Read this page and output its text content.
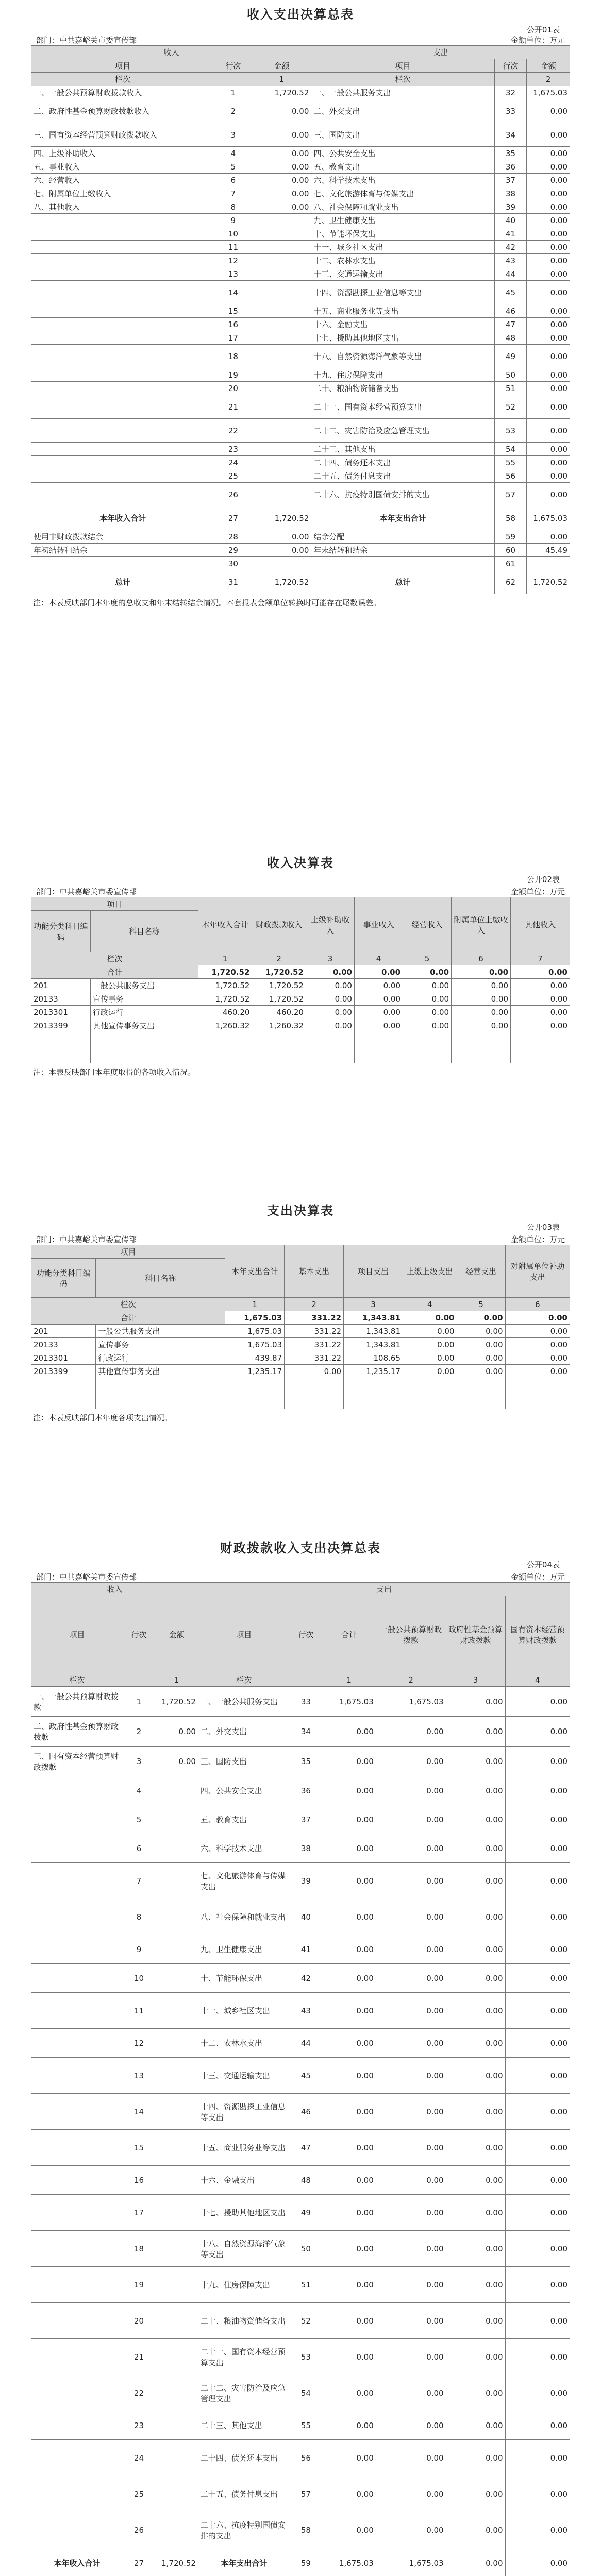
收入支出决算总表
公开01表
部门：中共嘉峪关市委宣传部	金额单位：万元
收入			支出		
项目	行次	金额	项目	行次	金额
栏次		1	栏次		2
一、一般公共预算财政拨款收入	1	1,720.52	一、一般公共服务支出	32	1,675.03
二、政府性基金预算财政拨款收入	2	0.00	二、外交支出	33	0.00
三、国有资本经营预算财政拨款收入	3	0.00	三、国防支出	34	0.00
四、上级补助收入	4	0.00	四、公共安全支出	35	0.00
五、事业收入	5	0.00	五、教育支出	36	0.00
六、经营收入	6	0.00	六、科学技术支出	37	0.00
七、附属单位上缴收入	7	0.00	七、文化旅游体育与传媒支出	38	0.00
八、其他收入	8	0.00	八、社会保障和就业支出	39	0.00
	9		九、卫生健康支出	40	0.00
	10		十、节能环保支出	41	0.00
	11		十一、城乡社区支出	42	0.00
	12		十二、农林水支出	43	0.00
	13		十三、交通运输支出	44	0.00
	14		十四、资源勘探工业信息等支出	45	0.00
	15		十五、商业服务业等支出	46	0.00
	16		十六、金融支出	47	0.00
	17		十七、援助其他地区支出	48	0.00
	18		十八、自然资源海洋气象等支出	49	0.00
	19		十九、住房保障支出	50	0.00
	20		二十、粮油物资储备支出	51	0.00
	21		二十一、国有资本经营预算支出	52	0.00
	22		二十二、灾害防治及应急管理支出	53	0.00
	23		二十三、其他支出	54	0.00
	24		二十四、债务还本支出	55	0.00
	25		二十五、债务付息支出	56	0.00
	26		二十六、抗疫特别国债安排的支出	57	0.00
本年收入合计	27	1,720.52	本年支出合计	58	1,675.03
使用非财政拨款结余	28	0.00	结余分配	59	0.00
年初结转和结余	29	0.00	年末结转和结余	60	45.49
	30			61	
总计	31	1,720.52	总计	62	1,720.52
注：本表反映部门本年度的总收支和年末结转结余情况。本套报表金额单位转换时可能存在尾数误差。
收入决算表
公开02表
部门：中共嘉峪关市委宣传部	金额单位：万元
项目		本年收入合计	财政拨款收入	上级补助收入	事业收入	经营收入	附属单位上缴收入	其他收入
功能分类科目编码	科目名称							
栏次		1	2	3	4	5	6	7
合计		1,720.52	1,720.52	0.00	0.00	0.00	0.00	0.00
201	一般公共服务支出	1,720.52	1,720.52	0.00	0.00	0.00	0.00	0.00
20133	宣传事务	1,720.52	1,720.52	0.00	0.00	0.00	0.00	0.00
2013301	行政运行	460.20	460.20	0.00	0.00	0.00	0.00	0.00
2013399	其他宣传事务支出	1,260.32	1,260.32	0.00	0.00	0.00	0.00	0.00

注：本表反映部门本年度取得的各项收入情况。
支出决算表
公开03表
部门：中共嘉峪关市委宣传部	金额单位：万元
项目		本年支出合计	基本支出	项目支出	上缴上级支出	经营支出	对附属单位补助支出
功能分类科目编码	科目名称						
栏次		1	2	3	4	5	6
合计		1,675.03	331.22	1,343.81	0.00	0.00	0.00
201	一般公共服务支出	1,675.03	331.22	1,343.81	0.00	0.00	0.00
20133	宣传事务	1,675.03	331.22	1,343.81	0.00	0.00	0.00
2013301	行政运行	439.87	331.22	108.65	0.00	0.00	0.00
2013399	其他宣传事务支出	1,235.17	0.00	1,235.17	0.00	0.00	0.00

注：本表反映部门本年度各项支出情况。
财政拨款收入支出决算总表
公开04表
部门：中共嘉峪关市委宣传部	金额单位：万元
收入			支出					
项目	行次	金额	项目	行次	合计	一般公共预算财政拨款	政府性基金预算财政拨款	国有资本经营预算财政拨款
栏次		1	栏次		1	2	3	4
一、一般公共预算财政拨款	1	1,720.52	一、一般公共服务支出	33	1,675.03	1,675.03	0.00	0.00
二、政府性基金预算财政拨款	2	0.00	二、外交支出	34	0.00	0.00	0.00	0.00
三、国有资本经营预算财政拨款	3	0.00	三、国防支出	35	0.00	0.00	0.00	0.00
	4		四、公共安全支出	36	0.00	0.00	0.00	0.00
	5		五、教育支出	37	0.00	0.00	0.00	0.00
	6		六、科学技术支出	38	0.00	0.00	0.00	0.00
	7		七、文化旅游体育与传媒支出	39	0.00	0.00	0.00	0.00
	8		八、社会保障和就业支出	40	0.00	0.00	0.00	0.00
	9		九、卫生健康支出	41	0.00	0.00	0.00	0.00
	10		十、节能环保支出	42	0.00	0.00	0.00	0.00
	11		十一、城乡社区支出	43	0.00	0.00	0.00	0.00
	12		十二、农林水支出	44	0.00	0.00	0.00	0.00
	13		十三、交通运输支出	45	0.00	0.00	0.00	0.00
	14		十四、资源勘探工业信息等支出	46	0.00	0.00	0.00	0.00
	15		十五、商业服务业等支出	47	0.00	0.00	0.00	0.00
	16		十六、金融支出	48	0.00	0.00	0.00	0.00
	17		十七、援助其他地区支出	49	0.00	0.00	0.00	0.00
	18		十八、自然资源海洋气象等支出	50	0.00	0.00	0.00	0.00
	19		十九、住房保障支出	51	0.00	0.00	0.00	0.00
	20		二十、粮油物资储备支出	52	0.00	0.00	0.00	0.00
	21		二十一、国有资本经营预算支出	53	0.00	0.00	0.00	0.00
	22		二十二、灾害防治及应急管理支出	54	0.00	0.00	0.00	0.00
	23		二十三、其他支出	55	0.00	0.00	0.00	0.00
	24		二十四、债务还本支出	56	0.00	0.00	0.00	0.00
	25		二十五、债务付息支出	57	0.00	0.00	0.00	0.00
	26		二十六、抗疫特别国债安排的支出	58	0.00	0.00	0.00	0.00
本年收入合计	27	1,720.52	本年支出合计	59	1,675.03	1,675.03	0.00	0.00
